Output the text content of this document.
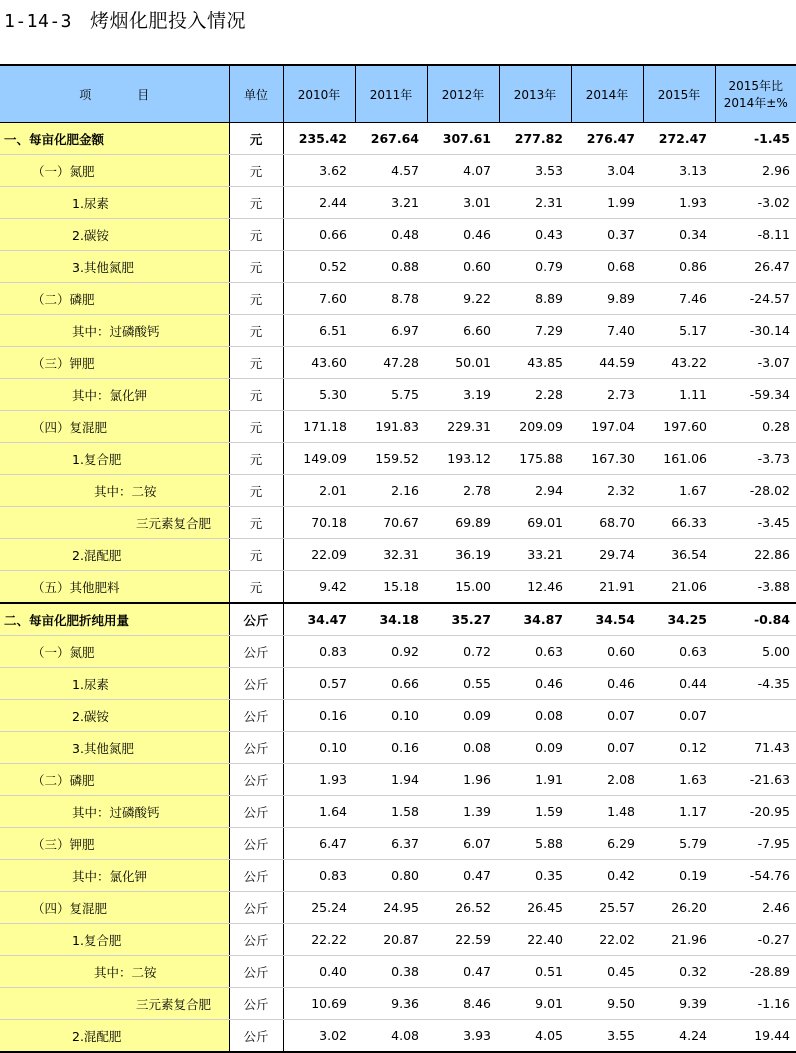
1-14-3 烤烟化肥投入情况
项 目	单位	2010年	2011年	2012年	2013年	2014年	2015年	2015年比
2014年±%

一、每亩化肥金额	元	235.42	267.64	307.61	277.82	276.47	272.47	-1.45
（一）氮肥	元	3.62	4.57	4.07	3.53	3.04	3.13	2.96
1.尿素	元	2.44	3.21	3.01	2.31	1.99	1.93	-3.02
2.碳铵	元	0.66	0.48	0.46	0.43	0.37	0.34	-8.11
3.其他氮肥	元	0.52	0.88	0.60	0.79	0.68	0.86	26.47
（二）磷肥	元	7.60	8.78	9.22	8.89	9.89	7.46	-24.57
其中：过磷酸钙	元	6.51	6.97	6.60	7.29	7.40	5.17	-30.14
（三）钾肥	元	43.60	47.28	50.01	43.85	44.59	43.22	-3.07
其中：氯化钾	元	5.30	5.75	3.19	2.28	2.73	1.11	-59.34
（四）复混肥	元	171.18	191.83	229.31	209.09	197.04	197.60	0.28
1.复合肥	元	149.09	159.52	193.12	175.88	167.30	161.06	-3.73
其中：二铵	元	2.01	2.16	2.78	2.94	2.32	1.67	-28.02
三元素复合肥	元	70.18	70.67	69.89	69.01	68.70	66.33	-3.45
2.混配肥	元	22.09	32.31	36.19	33.21	29.74	36.54	22.86
（五）其他肥料	元	9.42	15.18	15.00	12.46	21.91	21.06	-3.88
二、每亩化肥折纯用量	公斤	34.47	34.18	35.27	34.87	34.54	34.25	-0.84
（一）氮肥	公斤	0.83	0.92	0.72	0.63	0.60	0.63	5.00
1.尿素	公斤	0.57	0.66	0.55	0.46	0.46	0.44	-4.35
2.碳铵	公斤	0.16	0.10	0.09	0.08	0.07	0.07	
3.其他氮肥	公斤	0.10	0.16	0.08	0.09	0.07	0.12	71.43
（二）磷肥	公斤	1.93	1.94	1.96	1.91	2.08	1.63	-21.63
其中：过磷酸钙	公斤	1.64	1.58	1.39	1.59	1.48	1.17	-20.95
（三）钾肥	公斤	6.47	6.37	6.07	5.88	6.29	5.79	-7.95
其中：氯化钾	公斤	0.83	0.80	0.47	0.35	0.42	0.19	-54.76
（四）复混肥	公斤	25.24	24.95	26.52	26.45	25.57	26.20	2.46
1.复合肥	公斤	22.22	20.87	22.59	22.40	22.02	21.96	-0.27
其中：二铵	公斤	0.40	0.38	0.47	0.51	0.45	0.32	-28.89
三元素复合肥	公斤	10.69	9.36	8.46	9.01	9.50	9.39	-1.16
2.混配肥	公斤	3.02	4.08	3.93	4.05	3.55	4.24	19.44
